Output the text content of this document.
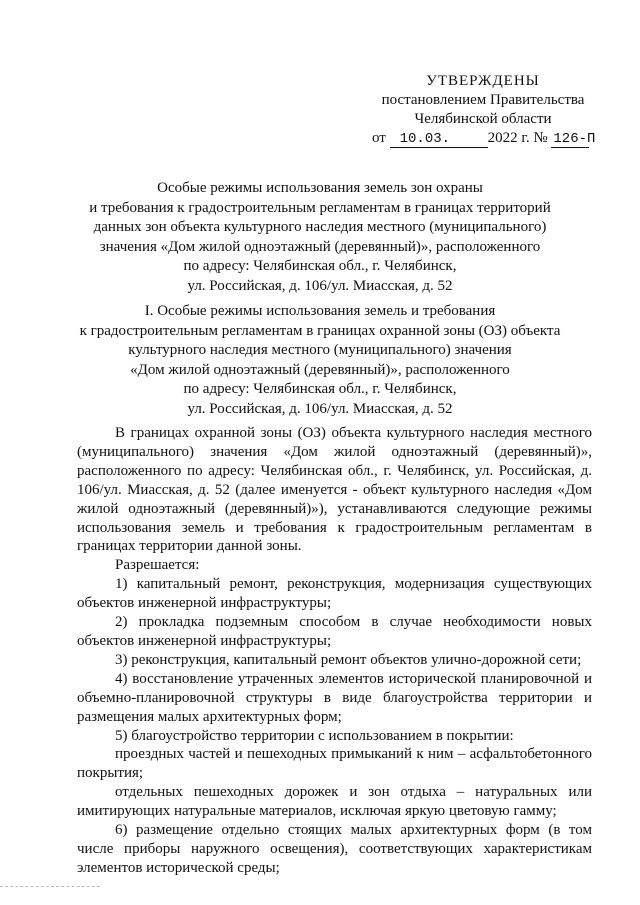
УТВЕРЖДЕНЫ
постановлением Правительства
Челябинской области
от 10.03.	2022 г. № 126-П
Особые режимы использования земель зон охраны
и требования к градостроительным регламентам в границах территорий
данных зон объекта культурного наследия местного (муниципального)
значения «Дом жилой одноэтажный (деревянный)», расположенного
по адресу: Челябинская обл., г. Челябинск,
ул. Российская, д. 106/ул. Миасская, д. 52
I. Особые режимы использования земель и требования
к градостроительным регламентам в границах охранной зоны (ОЗ) объекта
культурного наследия местного (муниципального) значения
«Дом жилой одноэтажный (деревянный)», расположенного
по адресу: Челябинская обл., г. Челябинск,
ул. Российская, д. 106/ул. Миасская, д. 52

В границах охранной зоны (ОЗ) объекта культурного наследия местного (муниципального) значения «Дом жилой одноэтажный (деревянный)», расположенного по адресу: Челябинская обл., г. Челябинск, ул. Российская, д. 106/ул. Миасская, д. 52 (далее именуется - объект культурного наследия «Дом жилой одноэтажный (деревянный)»), устанавливаются следующие режимы использования земель и требования к градостроительным регламентам в границах территории данной зоны.

Разрешается:

1) капитальный ремонт, реконструкция, модернизация существующих объектов инженерной инфраструктуры;

2) прокладка подземным способом в случае необходимости новых объектов инженерной инфраструктуры;

3) реконструкция, капитальный ремонт объектов улично-дорожной сети;

4) восстановление утраченных элементов исторической планировочной и объемно-планировочной структуры в виде благоустройства территории и размещения малых архитектурных форм;

5) благоустройство территории с использованием в покрытии:

проездных частей и пешеходных примыканий к ним – асфальтобетонного покрытия;

отдельных пешеходных дорожек и зон отдыха – натуральных или имитирующих натуральные материалов, исключая яркую цветовую гамму;

6) размещение отдельно стоящих малых архитектурных форм (в том числе приборы наружного освещения), соответствующих характеристикам элементов исторической среды;
